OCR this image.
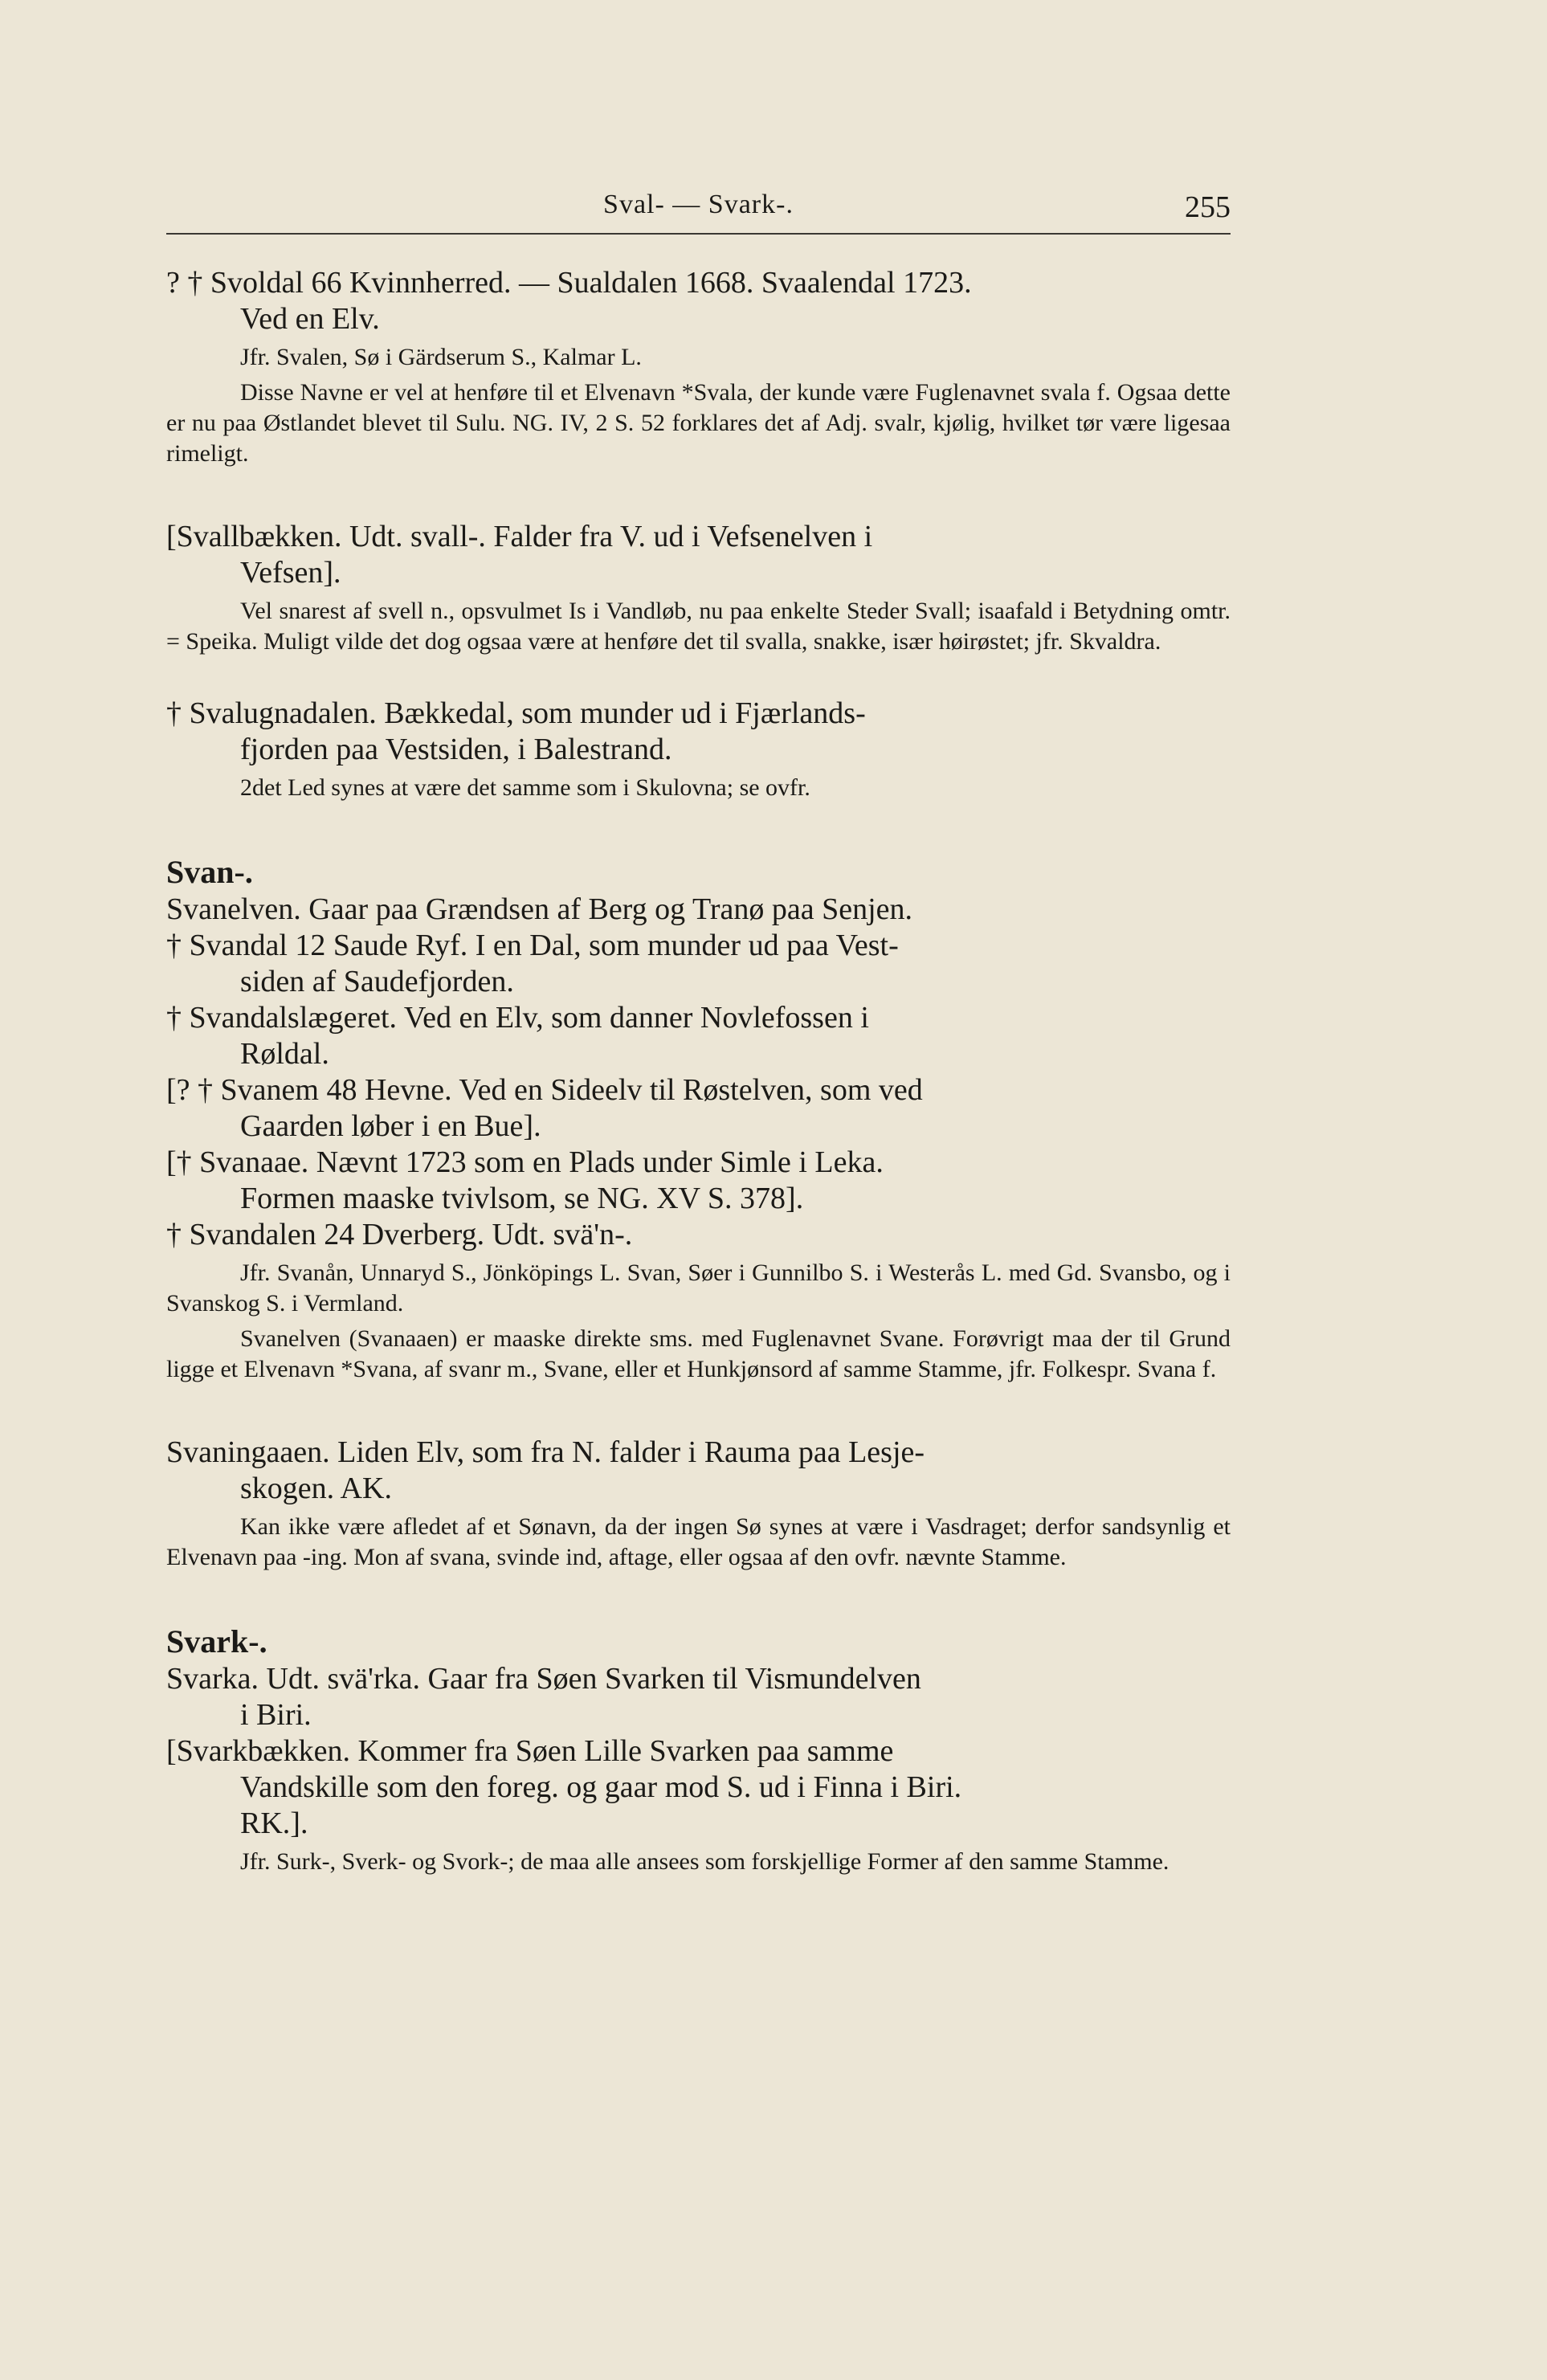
Sval- — Svark-.	255

? † Svoldal 66 Kvinnherred. — Sualdalen 1668. Svaalendal 1723.
Ved en Elv.

Jfr. Svalen, Sø i Gärdserum S., Kalmar L.

Disse Navne er vel at henføre til et Elvenavn *Svala, der kunde være Fuglenavnet svala f. Ogsaa dette er nu paa Østlandet blevet til Sulu. NG. IV, 2 S. 52 forklares det af Adj. svalr, kjølig, hvilket tør være ligesaa rimeligt.

[Svallbækken. Udt. svall-. Falder fra V. ud i Vefsenelven i
Vefsen].

Vel snarest af svell n., opsvulmet Is i Vandløb, nu paa enkelte Steder Svall; isaafald i Betydning omtr. = Speika. Muligt vilde det dog ogsaa være at henføre det til svalla, snakke, især høirøstet; jfr. Skvaldra.

† Svalugnadalen. Bækkedal, som munder ud i Fjærlands-
fjorden paa Vestsiden, i Balestrand.

2det Led synes at være det samme som i Skulovna; se ovfr.

Svan-.

Svanelven. Gaar paa Grændsen af Berg og Tranø paa Senjen.

† Svandal 12 Saude Ryf. I en Dal, som munder ud paa Vest-
siden af Saudefjorden.

† Svandalslægeret. Ved en Elv, som danner Novlefossen i
Røldal.

[? † Svanem 48 Hevne. Ved en Sideelv til Røstelven, som ved
Gaarden løber i en Bue].

[† Svanaae. Nævnt 1723 som en Plads under Simle i Leka.
Formen maaske tvivlsom, se NG. XV S. 378].

† Svandalen 24 Dverberg. Udt. svä'n-.

Jfr. Svanån, Unnaryd S., Jönköpings L. Svan, Søer i Gunnilbo S. i Westerås L. med Gd. Svansbo, og i Svanskog S. i Vermland.

Svanelven (Svanaaen) er maaske direkte sms. med Fuglenavnet Svane. Forøvrigt maa der til Grund ligge et Elvenavn *Svana, af svanr m., Svane, eller et Hunkjønsord af samme Stamme, jfr. Folkespr. Svana f.

Svaningaaen. Liden Elv, som fra N. falder i Rauma paa Lesje-
skogen. AK.

Kan ikke være afledet af et Sønavn, da der ingen Sø synes at være i Vasdraget; derfor sandsynlig et Elvenavn paa -ing. Mon af svana, svinde ind, aftage, eller ogsaa af den ovfr. nævnte Stamme.

Svark-.

Svarka. Udt. svä'rka. Gaar fra Søen Svarken til Vismundelven
i Biri.

[Svarkbækken. Kommer fra Søen Lille Svarken paa samme
Vandskille som den foreg. og gaar mod S. ud i Finna i Biri.
RK.].

Jfr. Surk-, Sverk- og Svork-; de maa alle ansees som forskjellige Former af den samme Stamme.
